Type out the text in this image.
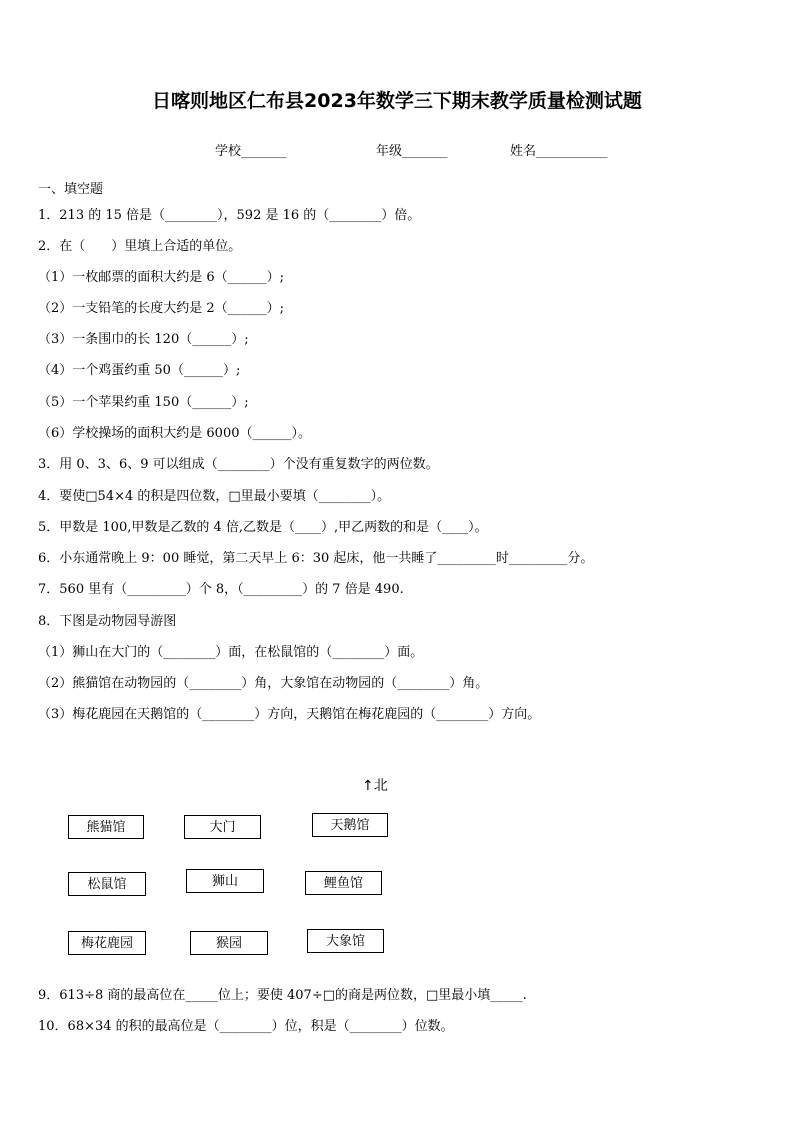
日喀则地区仁布县2023年数学三下期末教学质量检测试题
学校_______	年级_______	姓名___________
一、填空题
1．213 的 15 倍是（________），592 是 16 的（________）倍。
2．在（　　）里填上合适的单位。
（1）一枚邮票的面积大约是 6（______）;
（2）一支铅笔的长度大约是 2（______）;
（3）一条围巾的长 120（______）;
（4）一个鸡蛋约重 50（______）;
（5）一个苹果约重 150（______）;
（6）学校操场的面积大约是 6000（______）。
3．用 0、3、6、9 可以组成（________）个没有重复数字的两位数。
4．要使□54×4 的积是四位数，□里最小要填（________）。
5．甲数是 100,甲数是乙数的 4 倍,乙数是（____）,甲乙两数的和是（____）。
6．小东通常晚上 9：00 睡觉，第二天早上 6：30 起床，他一共睡了_________时_________分。
7．560 里有（_________）个 8，（_________）的 7 倍是 490.
8．下图是动物园导游图
（1）狮山在大门的（________）面，在松鼠馆的（________）面。
（2）熊猫馆在动物园的（________）角，大象馆在动物园的（________）角。
（3）梅花鹿园在天鹅馆的（________）方向，天鹅馆在梅花鹿园的（________）方向。
↑北
熊猫馆	大门	天鹅馆
松鼠馆	狮山	鲤鱼馆
梅花鹿园	猴园	大象馆
9．613÷8 商的最高位在_____位上；要使 407÷□的商是两位数，□里最小填_____.
10．68×34 的积的最高位是（________）位，积是（________）位数。
